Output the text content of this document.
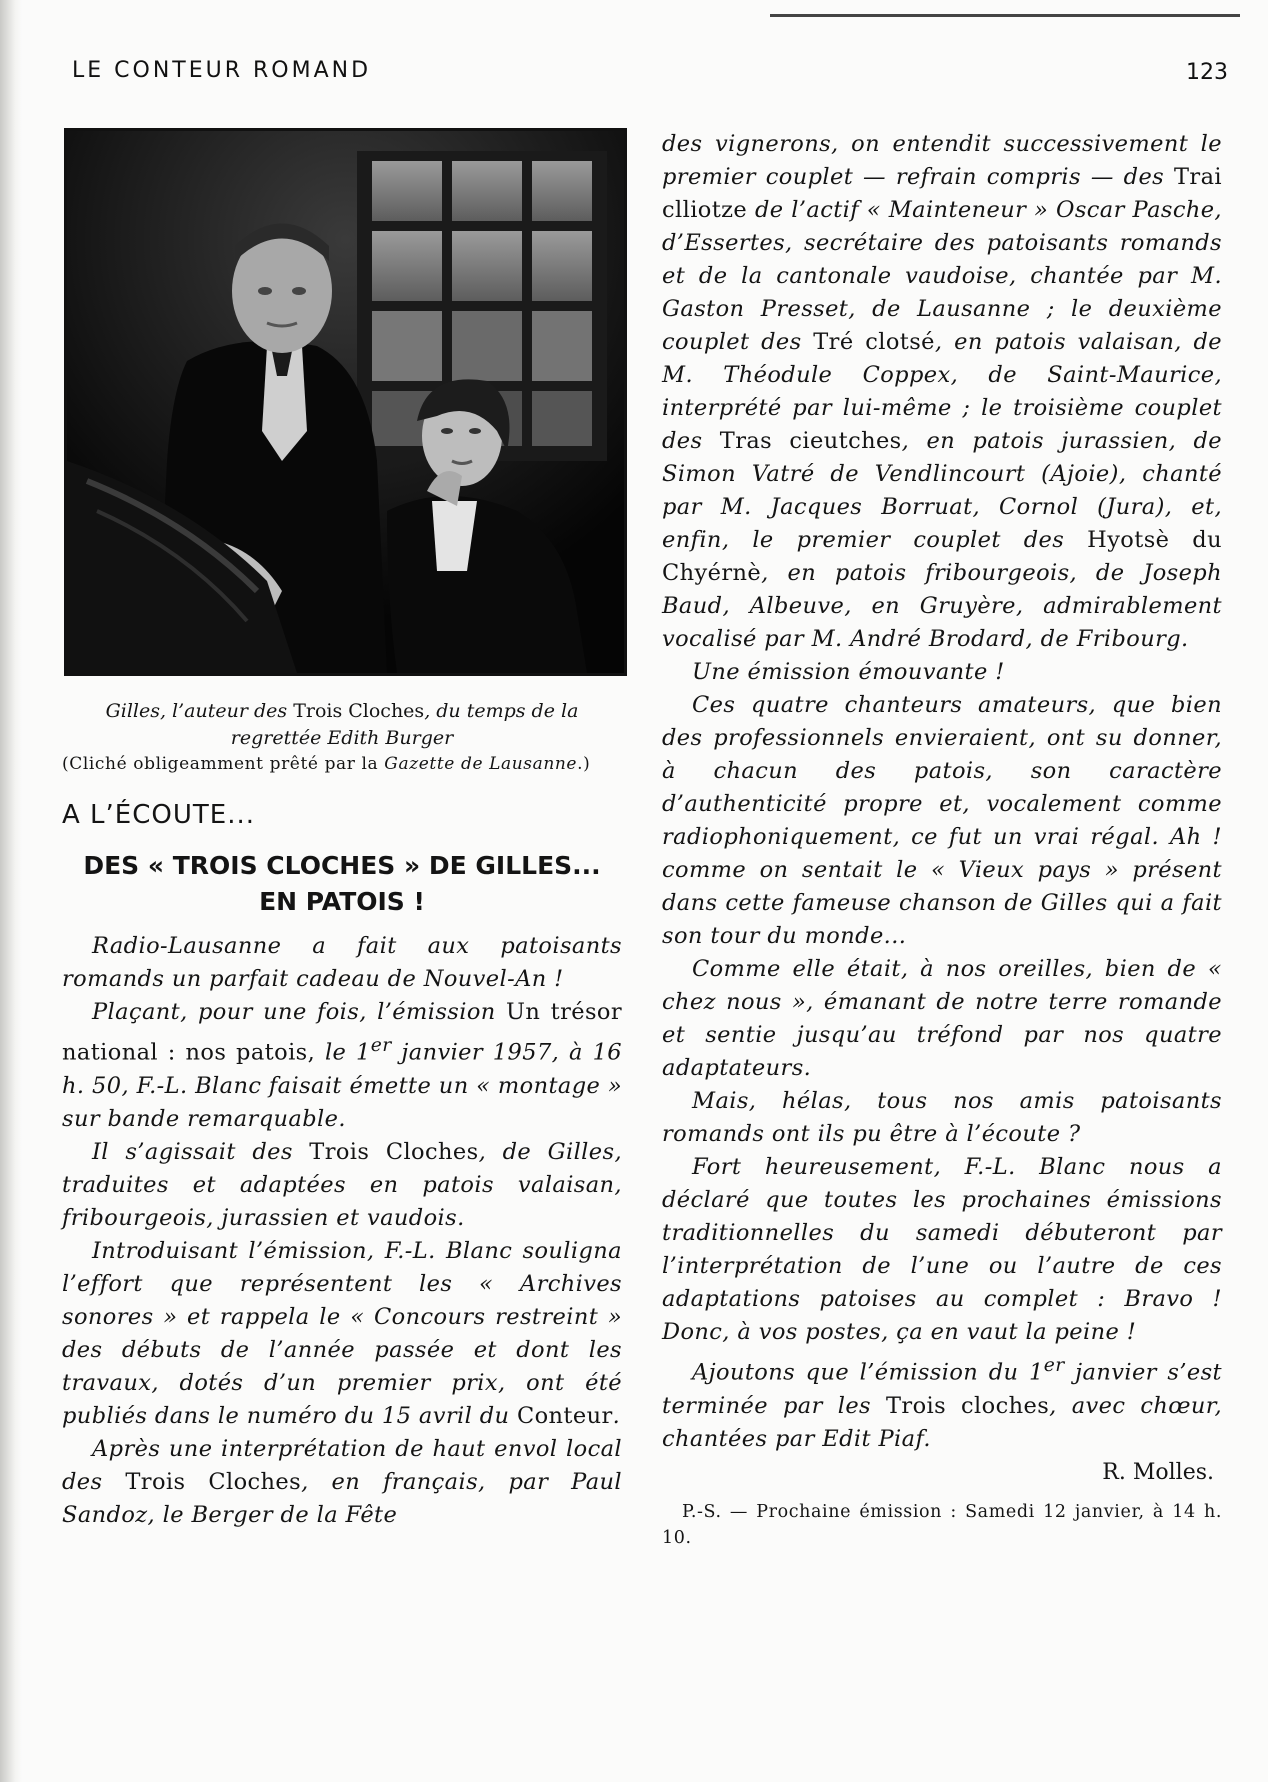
LE CONTEUR ROMAND	123
Gilles, l’auteur des Trois Cloches, du temps de la regrettée Edith Burger
(Cliché obligeamment prêté par la Gazette de Lausanne.)
A L’ÉCOUTE...
DES « TROIS CLOCHES » DE GILLES...
EN PATOIS !

Radio-Lausanne a fait aux patoisants romands un parfait cadeau de Nouvel-An !

Plaçant, pour une fois, l’émission Un trésor national : nos patois, le 1er janvier 1957, à 16 h. 50, F.-L. Blanc faisait émette un « montage » sur bande remarquable.

Il s’agissait des Trois Cloches, de Gilles, traduites et adaptées en patois valaisan, fribourgeois, jurassien et vaudois.

Introduisant l’émission, F.-L. Blanc souligna l’effort que représentent les « Archives sonores » et rappela le « Concours restreint » des débuts de l’année passée et dont les travaux, dotés d’un premier prix, ont été publiés dans le numéro du 15 avril du Conteur.

Après une interprétation de haut envol local des Trois Cloches, en français, par Paul Sandoz, le Berger de la Fête

des vignerons, on entendit successivement le premier couplet — refrain compris — des Trai clliotze de l’actif « Mainteneur » Oscar Pasche, d’Essertes, secrétaire des patoisants romands et de la cantonale vaudoise, chantée par M. Gaston Presset, de Lausanne ; le deuxième couplet des Tré clotsé, en patois valaisan, de M. Théodule Coppex, de Saint-Maurice, interprété par lui-même ; le troisième couplet des Tras cieutches, en patois jurassien, de Simon Vatré de Vendlincourt (Ajoie), chanté par M. Jacques Borruat, Cornol (Jura), et, enfin, le premier couplet des Hyotsè du Chyérnè, en patois fribourgeois, de Joseph Baud, Albeuve, en Gruyère, admirablement vocalisé par M. André Brodard, de Fribourg.

Une émission émouvante !

Ces quatre chanteurs amateurs, que bien des professionnels envieraient, ont su donner, à chacun des patois, son caractère d’authenticité propre et, vocalement comme radiophoniquement, ce fut un vrai régal. Ah ! comme on sentait le « Vieux pays » présent dans cette fameuse chanson de Gilles qui a fait son tour du monde...

Comme elle était, à nos oreilles, bien de « chez nous », émanant de notre terre romande et sentie jusqu’au tréfond par nos quatre adaptateurs.

Mais, hélas, tous nos amis patoisants romands ont ils pu être à l’écoute ?

Fort heureusement, F.-L. Blanc nous a déclaré que toutes les prochaines émissions traditionnelles du samedi débuteront par l’interprétation de l’une ou l’autre de ces adaptations patoises au complet : Bravo ! Donc, à vos postes, ça en vaut la peine !

Ajoutons que l’émission du 1er janvier s’est terminée par les Trois cloches, avec chœur, chantées par Edit Piaf.

R. Molles.
P.-S. — Prochaine émission : Samedi 12 janvier, à 14 h. 10.
